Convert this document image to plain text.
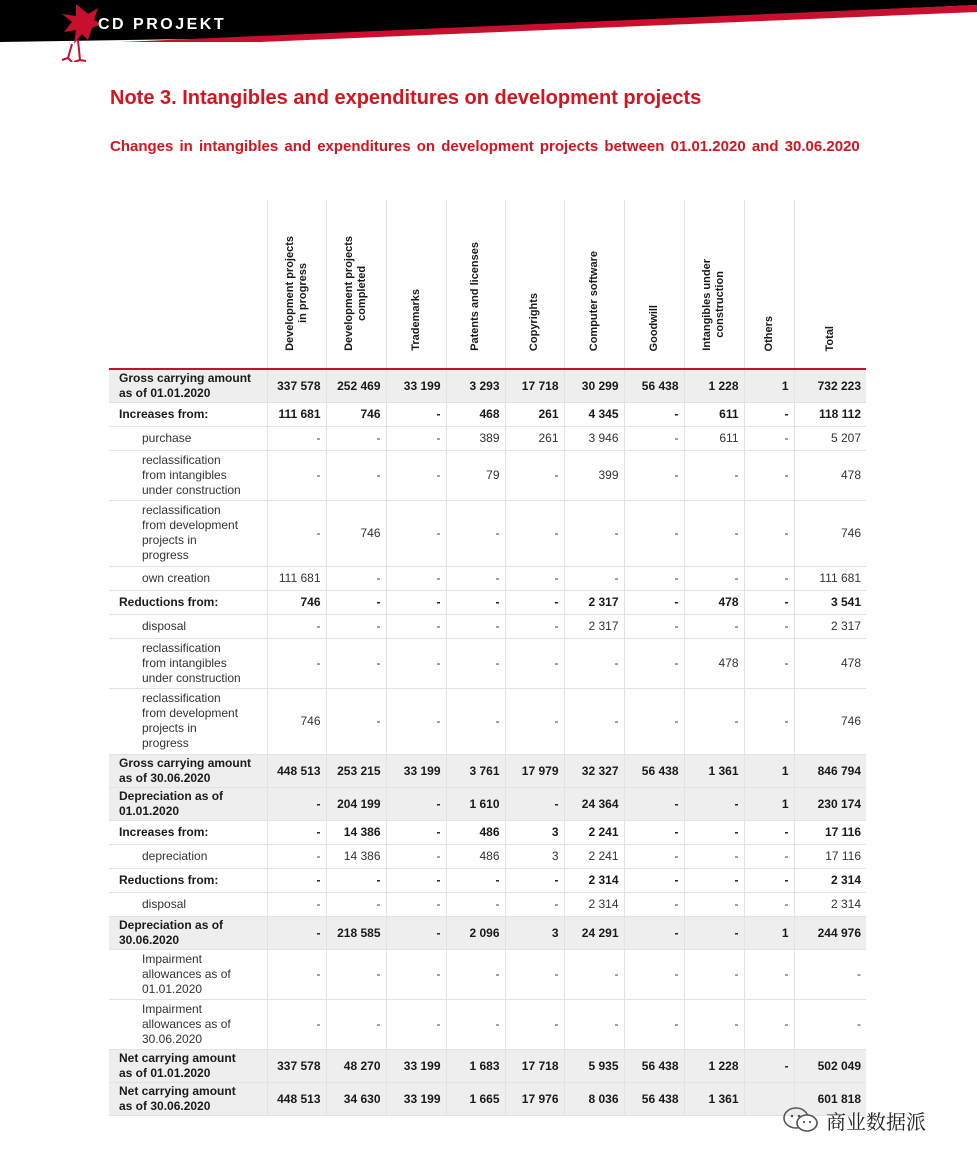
CD PROJEKT
Note 3. Intangibles and expenditures on development projects

Changes in intangibles and expenditures on development projects between 01.01.2020 and 30.06.2020

	Development projects
in progress	Development projects
completed	Trademarks	Patents and licenses	Copyrights	Computer software	Goodwill	Intangibles under
construction	Others	Total
Gross carrying amount
as of 01.01.2020	337 578	252 469	33 199	3 293	17 718	30 299	56 438	1 228	1	732 223
Increases from:	111 681	746	-	468	261	4 345	-	611	-	118 112
purchase	-	-	-	389	261	3 946	-	611	-	5 207
reclassification
from intangibles
under construction	-	-	-	79	-	399	-	-	-	478
reclassification
from development
projects in
progress	-	746	-	-	-	-	-	-	-	746
own creation	111 681	-	-	-	-	-	-	-	-	111 681
Reductions from:	746	-	-	-	-	2 317	-	478	-	3 541
disposal	-	-	-	-	-	2 317	-	-	-	2 317
reclassification
from intangibles
under construction	-	-	-	-	-	-	-	478	-	478
reclassification
from development
projects in
progress	746	-	-	-	-	-	-	-	-	746
Gross carrying amount
as of 30.06.2020	448 513	253 215	33 199	3 761	17 979	32 327	56 438	1 361	1	846 794
Depreciation as of
01.01.2020	-	204 199	-	1 610	-	24 364	-	-	1	230 174
Increases from:	-	14 386	-	486	3	2 241	-	-	-	17 116
depreciation	-	14 386	-	486	3	2 241	-	-	-	17 116
Reductions from:	-	-	-	-	-	2 314	-	-	-	2 314
disposal	-	-	-	-	-	2 314	-	-	-	2 314
Depreciation as of
30.06.2020	-	218 585	-	2 096	3	24 291	-	-	1	244 976
Impairment
allowances as of
01.01.2020	-	-	-	-	-	-	-	-	-	-
Impairment
allowances as of
30.06.2020	-	-	-	-	-	-	-	-	-	-
Net carrying amount
as of 01.01.2020	337 578	48 270	33 199	1 683	17 718	5 935	56 438	1 228	-	502 049
Net carrying amount
as of 30.06.2020	448 513	34 630	33 199	1 665	17 976	8 036	56 438	1 361		601 818
商业数据派
